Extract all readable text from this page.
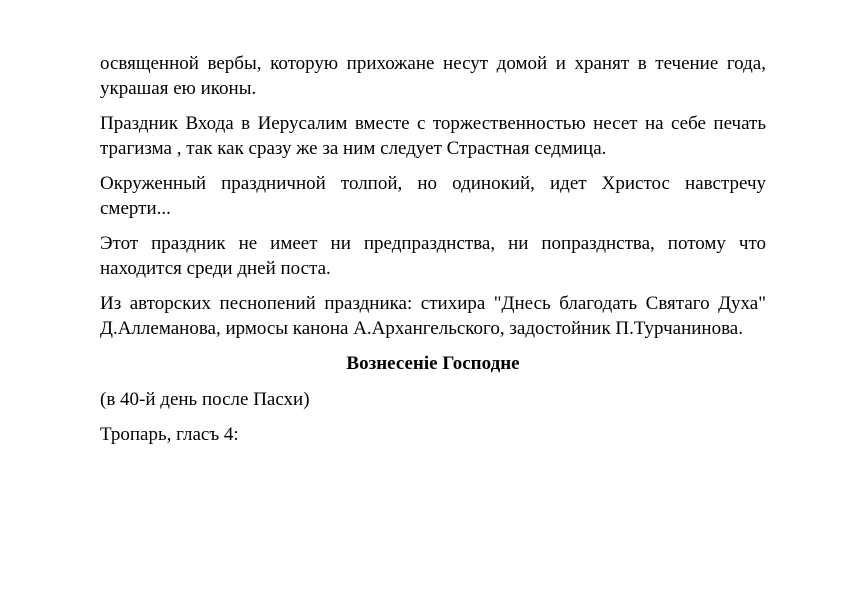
освященной вербы, которую прихожане несут домой и хранят в течение года, украшая ею иконы.

Праздник Входа в Иерусалим вместе с торжественностью несет на себе печать трагизма , так как сразу же за ним следует Страстная седмица.

Окруженный праздничной толпой, но одинокий, идет Христос навстречу смерти...

Этот праздник не имеет ни предпразднства, ни попразднства, потому что находится среди дней поста.

Из авторских песнопений праздника: стихира "Днесь благодать Святаго Духа" Д.Аллеманова, ирмосы канона А.Архангельского, задостойник П.Турчанинова.

Вознесеніе Господне

(в 40-й день после Пасхи)

Тропарь, гласъ 4:
